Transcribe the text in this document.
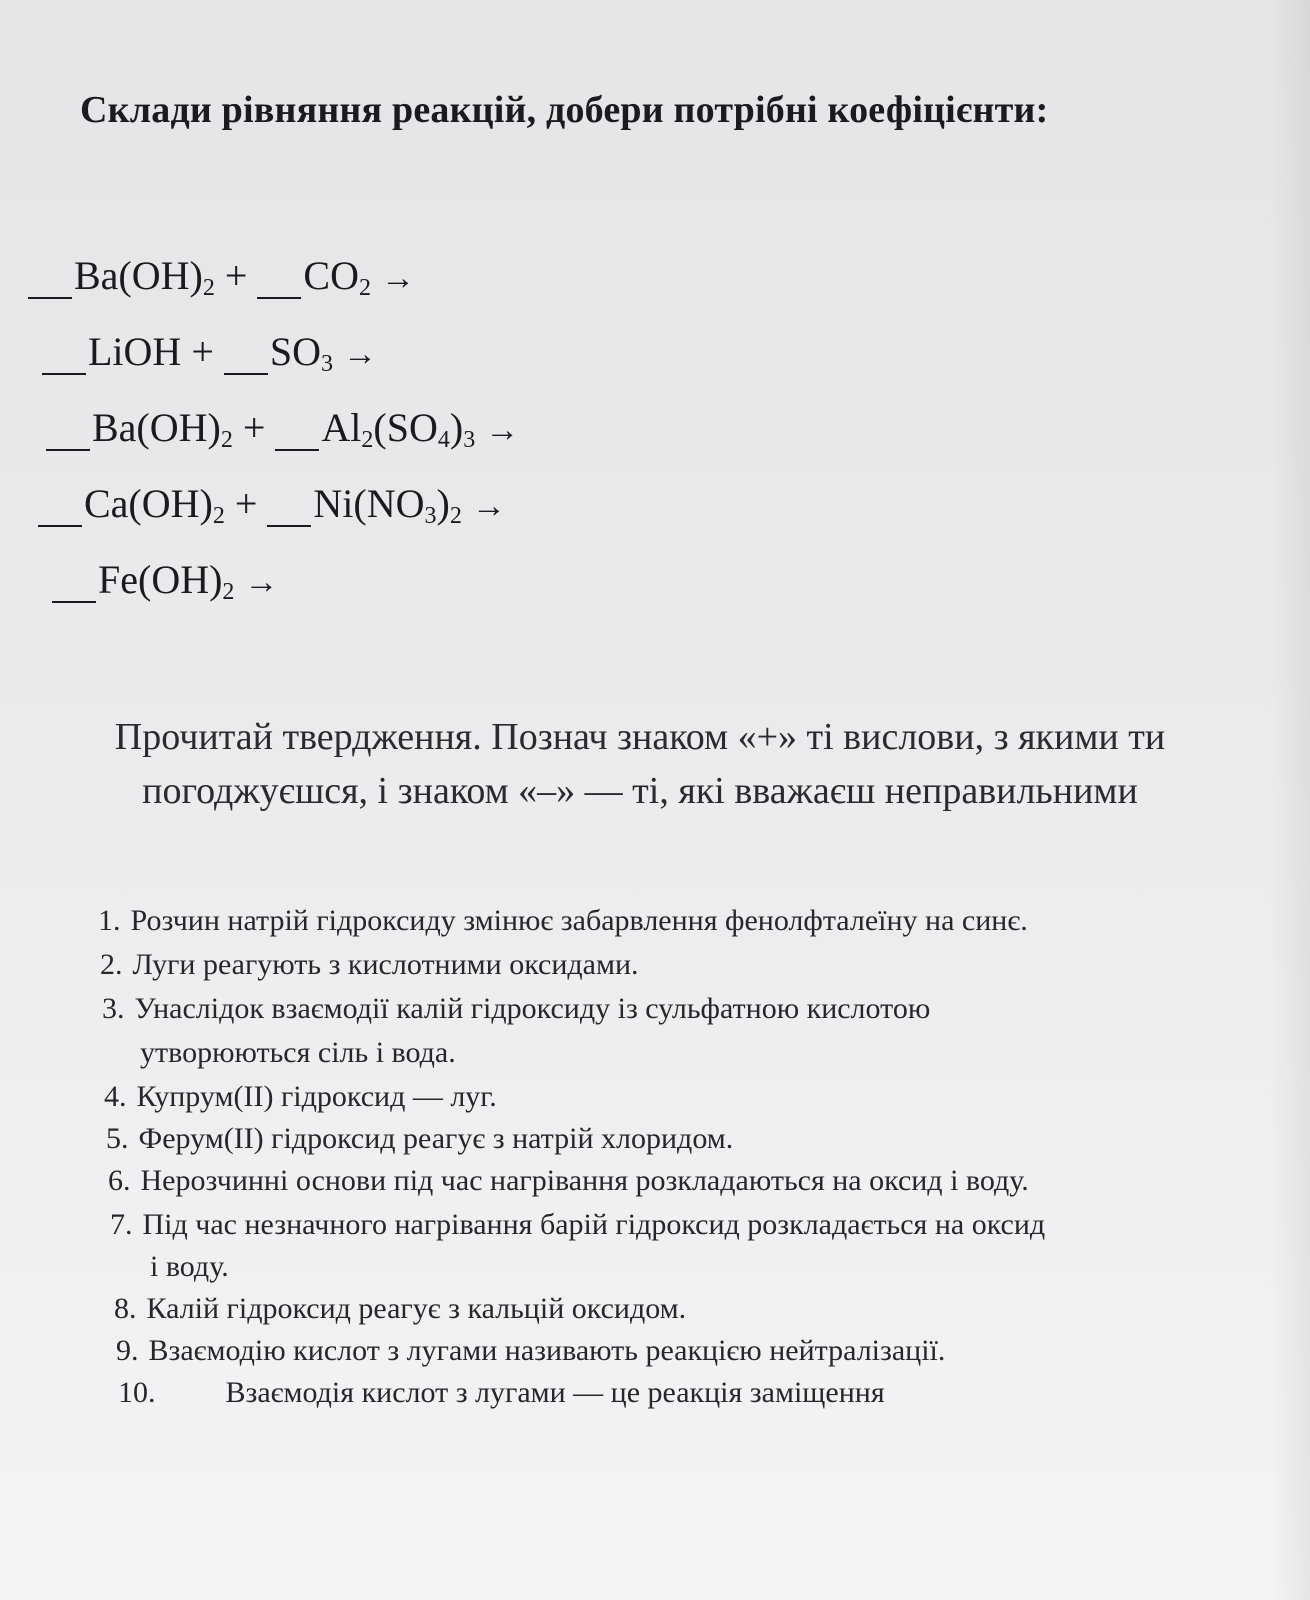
Склади рівняння реакцій, добери потрібні коефіцієнти:
$Ba(OH)_2 + CO_2$ →
LiOH + $SO_3$ →
$Ba(OH)_2 + Al_2(SO_4)_3$ →
$Ca(OH)_2 + Ni(NO_3)_2$ →
$Fe(OH)_2$ →
Прочитай твердження. Познач знаком «+» ті вислови, з якими ти погоджуєшся, і знаком «–» — ті, які вважаєш неправильними
1. Розчин натрій гідроксиду змінює забарвлення фенолфталеїну на синє.
2. Луги реагують з кислотними оксидами.
3. Унаслідок взаємодії калій гідроксиду із сульфатною кислотою
утворюються сіль і вода.
4. Купрум(ІІ) гідроксид — луг.
5. Ферум(ІІ) гідроксид реагує з натрій хлоридом.
6. Нерозчинні основи під час нагрівання розкладаються на оксид і воду.
7. Під час незначного нагрівання барій гідроксид розкладається на оксид
і воду.
8. Калій гідроксид реагує з кальцій оксидом.
9. Взаємодію кислот з лугами називають реакцією нейтралізації.
10. Взаємодія кислот з лугами — це реакція заміщення
